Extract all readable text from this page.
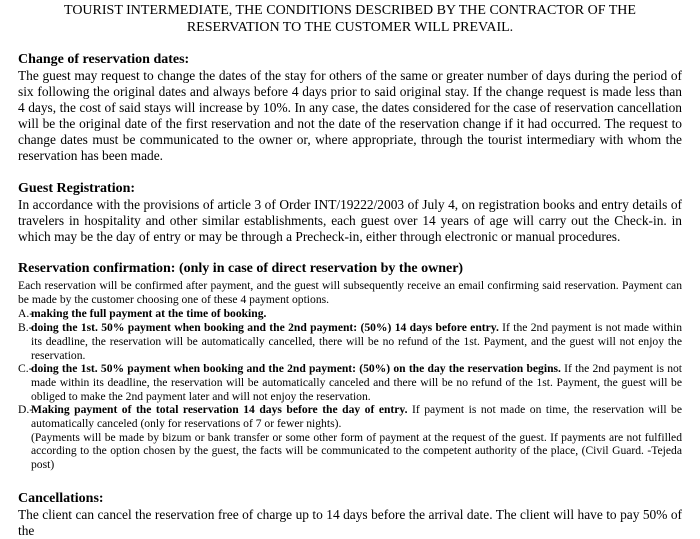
TOURIST INTERMEDIATE, THE CONDITIONS DESCRIBED BY THE CONTRACTOR OF THE RESERVATION TO THE CUSTOMER WILL PREVAIL.
Change of reservation dates:

The guest may request to change the dates of the stay for others of the same or greater number of days during the period of six following the original dates and always before 4 days prior to said original stay. If the change request is made less than 4 days, the cost of said stays will increase by 10%. In any case, the dates considered for the case of reservation cancellation will be the original date of the first reservation and not the date of the reservation change if it had occurred. The request to change dates must be communicated to the owner or, where appropriate, through the tourist intermediary with whom the reservation has been made.

Guest Registration:

In accordance with the provisions of article 3 of Order INT/19222/2003 of July 4, on registration books and entry details of travelers in hospitality and other similar establishments, each guest over 14 years of age will carry out the Check-in. in which may be the day of entry or may be through a Precheck-in, either through electronic or manual procedures.

Reservation confirmation: (only in case of direct reservation by the owner)

Each reservation will be confirmed after payment, and the guest will subsequently receive an email confirming said reservation. Payment can be made by the customer choosing one of these 4 payment options.

A.-
making the full payment at the time of booking.
B.-
doing the 1st. 50% payment when booking and the 2nd payment: (50%) 14 days before entry. If the 2nd payment is not made within its deadline, the reservation will be automatically cancelled, there will be no refund of the 1st. Payment, and the guest will not enjoy the reservation.
C.-
doing the 1st. 50% payment when booking and the 2nd payment: (50%) on the day the reservation begins. If the 2nd payment is not made within its deadline, the reservation will be automatically canceled and there will be no refund of the 1st. Payment, the guest will be obliged to make the 2nd payment later and will not enjoy the reservation.
D.-
Making payment of the total reservation 14 days before the day of entry. If payment is not made on time, the reservation will be automatically canceled (only for reservations of 7 or fewer nights).
(Payments will be made by bizum or bank transfer or some other form of payment at the request of the guest. If payments are not fulfilled according to the option chosen by the guest, the facts will be communicated to the competent authority of the place, (Civil Guard. -Tejeda post)
Cancellations:

The client can cancel the reservation free of charge up to 14 days before the arrival date. The client will have to pay 50% of the
